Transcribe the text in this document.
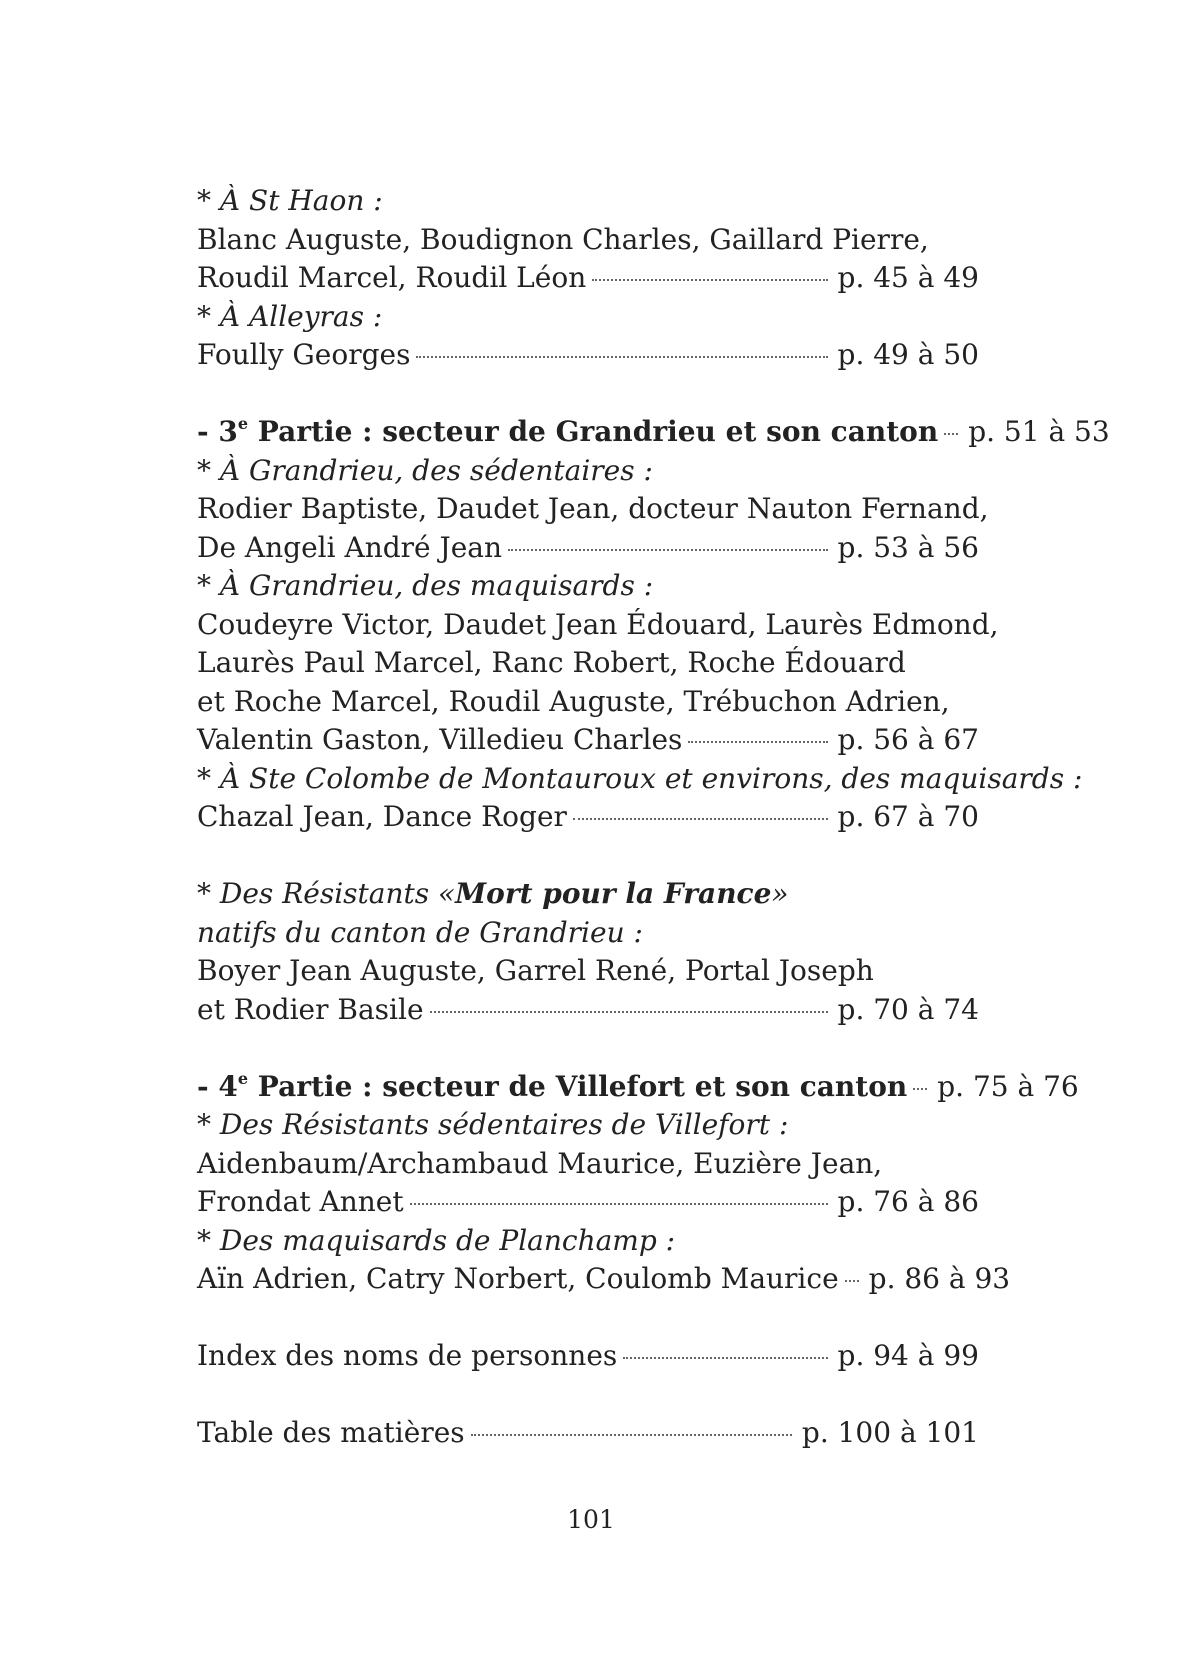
* À St Haon :
Blanc Auguste, Boudignon Charles, Gaillard Pierre,
Roudil Marcel, Roudil Léon	p. 45 à 49
* À Alleyras :
Foully Georges	p. 49 à 50
- 3e Partie : secteur de Grandrieu et son canton p. 51 à 53
* À Grandrieu, des sédentaires :
Rodier Baptiste, Daudet Jean, docteur Nauton Fernand,
De Angeli André Jean	p. 53 à 56
* À Grandrieu, des maquisards :
Coudeyre Victor, Daudet Jean Édouard, Laurès Edmond,
Laurès Paul Marcel, Ranc Robert, Roche Édouard
et Roche Marcel, Roudil Auguste, Trébuchon Adrien,
Valentin Gaston, Villedieu Charles	p. 56 à 67
* À Ste Colombe de Montauroux et environs, des maquisards :
Chazal Jean, Dance Roger	p. 67 à 70
* Des Résistants « Mort pour la France »
natifs du canton de Grandrieu :
Boyer Jean Auguste, Garrel René, Portal Joseph
et Rodier Basile	p. 70 à 74
- 4e Partie : secteur de Villefort et son canton p. 75 à 76
* Des Résistants sédentaires de Villefort :
Aidenbaum/Archambaud Maurice, Euzière Jean,
Frondat Annet	p. 76 à 86
* Des maquisards de Planchamp :
Aïn Adrien, Catry Norbert, Coulomb Maurice p. 86 à 93
Index des noms de personnes	p. 94 à 99
Table des matières	p. 100 à 101
101
